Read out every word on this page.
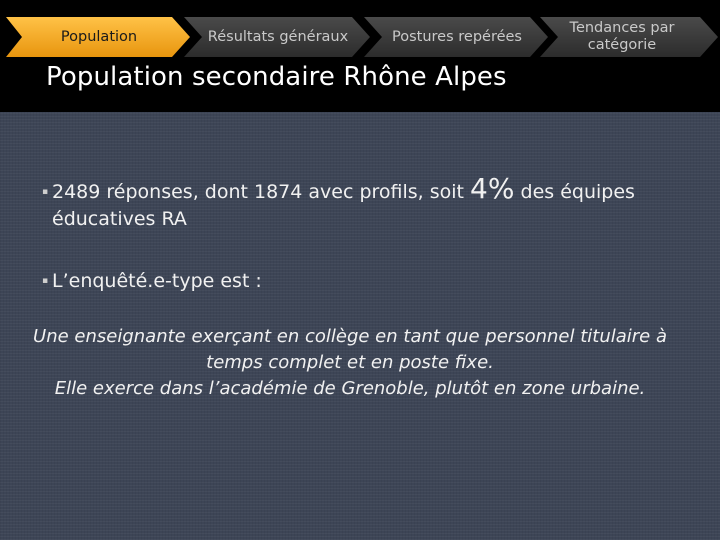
Population	Résultats généraux	Postures repérées
Tendances par catégorie
Population secondaire Rhône Alpes
▪ 2489 réponses, dont 1874 avec profils, soit 4% des équipes éducatives RA
▪ L’enquêté.e-type est :
Une enseignante exerçant en collège en tant que personnel titulaire à temps complet et en poste fixe.
Elle exerce dans l’académie de Grenoble, plutôt en zone urbaine.
